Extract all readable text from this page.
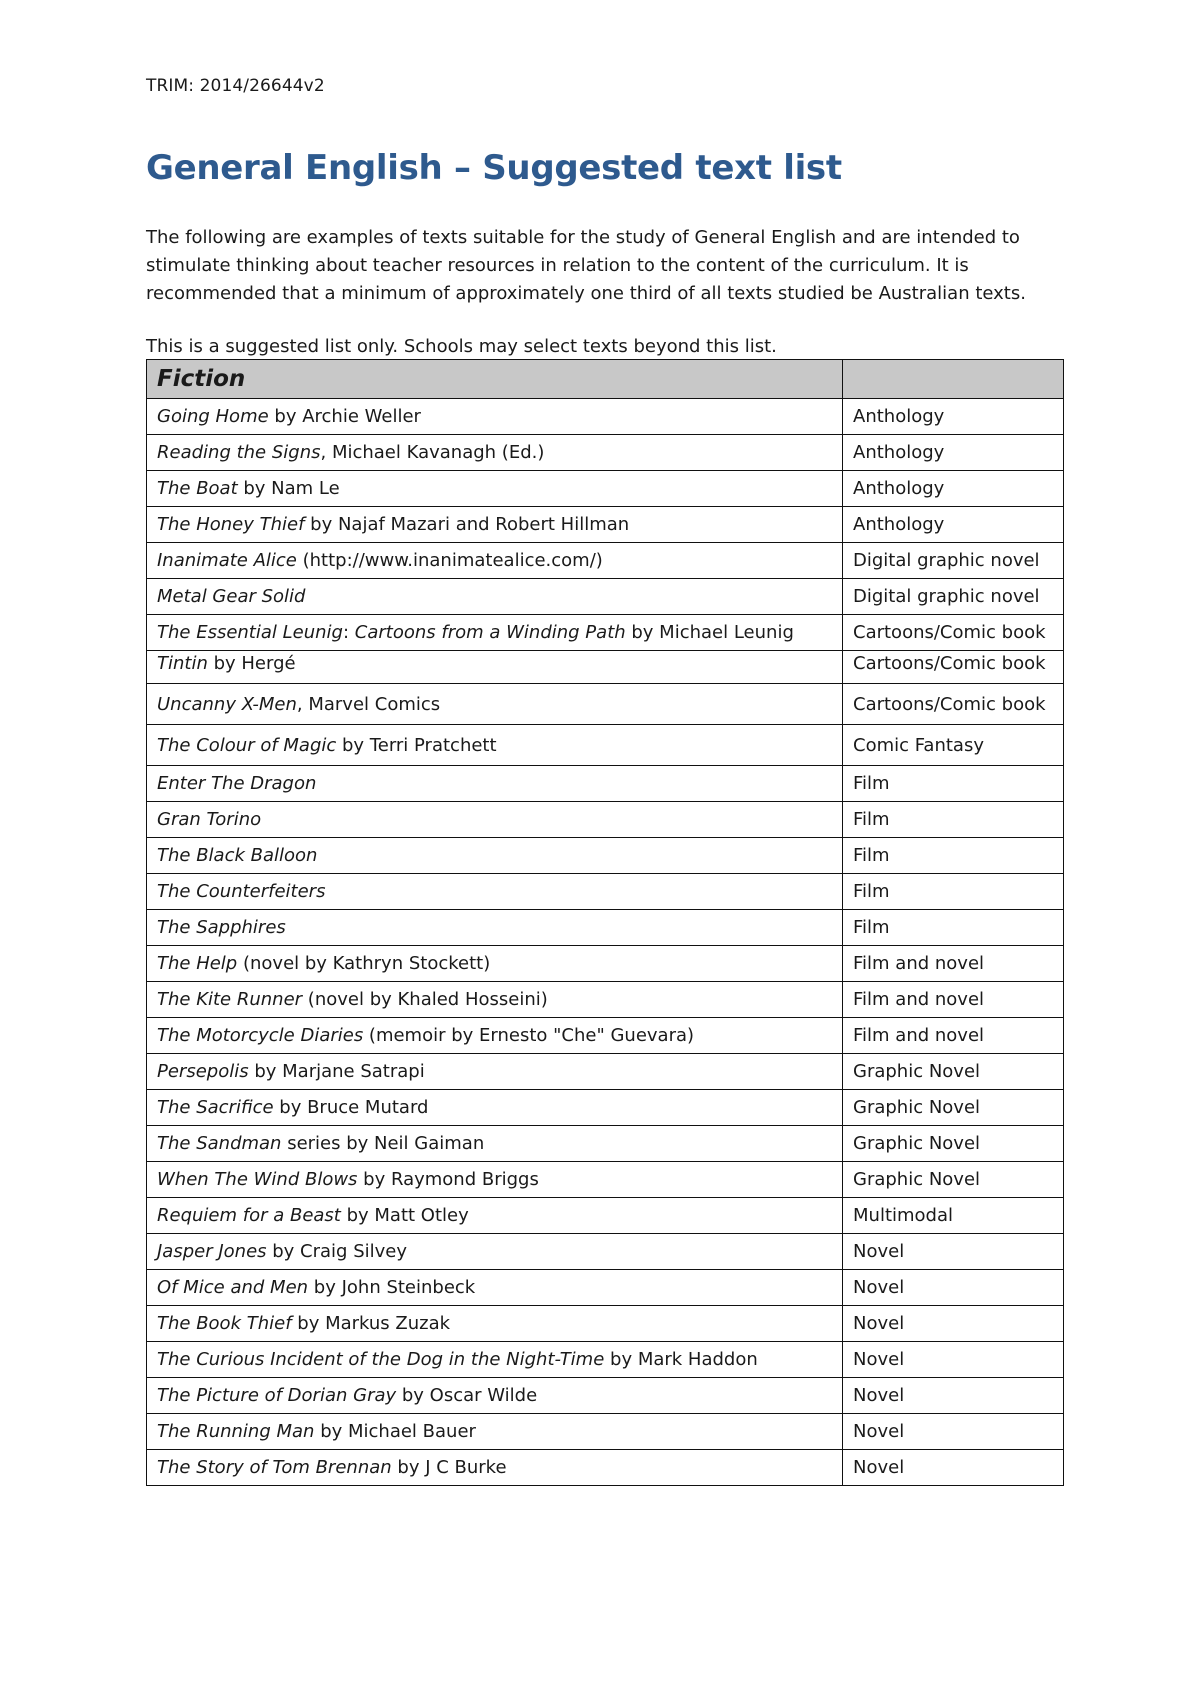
TRIM: 2014/26644v2
General English – Suggested text list

The following are examples of texts suitable for the study of General English and are intended to stimulate thinking about teacher resources in relation to the content of the curriculum. It is recommended that a minimum of approximately one third of all texts studied be Australian texts.

This is a suggested list only. Schools may select texts beyond this list.

Fiction	
Going Home by Archie Weller	Anthology
Reading the Signs, Michael Kavanagh (Ed.)	Anthology
The Boat by Nam Le	Anthology
The Honey Thief by Najaf Mazari and Robert Hillman	Anthology
Inanimate Alice (http://www.inanimatealice.com/)	Digital graphic novel
Metal Gear Solid	Digital graphic novel
The Essential Leunig: Cartoons from a Winding Path by Michael Leunig	Cartoons/Comic book
Tintin by Hergé	Cartoons/Comic book
Uncanny X-Men, Marvel Comics	Cartoons/Comic book
The Colour of Magic by Terri Pratchett	Comic Fantasy
Enter The Dragon	Film
Gran Torino	Film
The Black Balloon	Film
The Counterfeiters	Film
The Sapphires	Film
The Help (novel by Kathryn Stockett)	Film and novel
The Kite Runner (novel by Khaled Hosseini)	Film and novel
The Motorcycle Diaries (memoir by Ernesto "Che" Guevara)	Film and novel
Persepolis by Marjane Satrapi	Graphic Novel
The Sacrifice by Bruce Mutard	Graphic Novel
The Sandman series by Neil Gaiman	Graphic Novel
When The Wind Blows by Raymond Briggs	Graphic Novel
Requiem for a Beast by Matt Otley	Multimodal
Jasper Jones by Craig Silvey	Novel
Of Mice and Men by John Steinbeck	Novel
The Book Thief by Markus Zuzak	Novel
The Curious Incident of the Dog in the Night-Time by Mark Haddon	Novel
The Picture of Dorian Gray by Oscar Wilde	Novel
The Running Man by Michael Bauer	Novel
The Story of Tom Brennan by J C Burke	Novel
